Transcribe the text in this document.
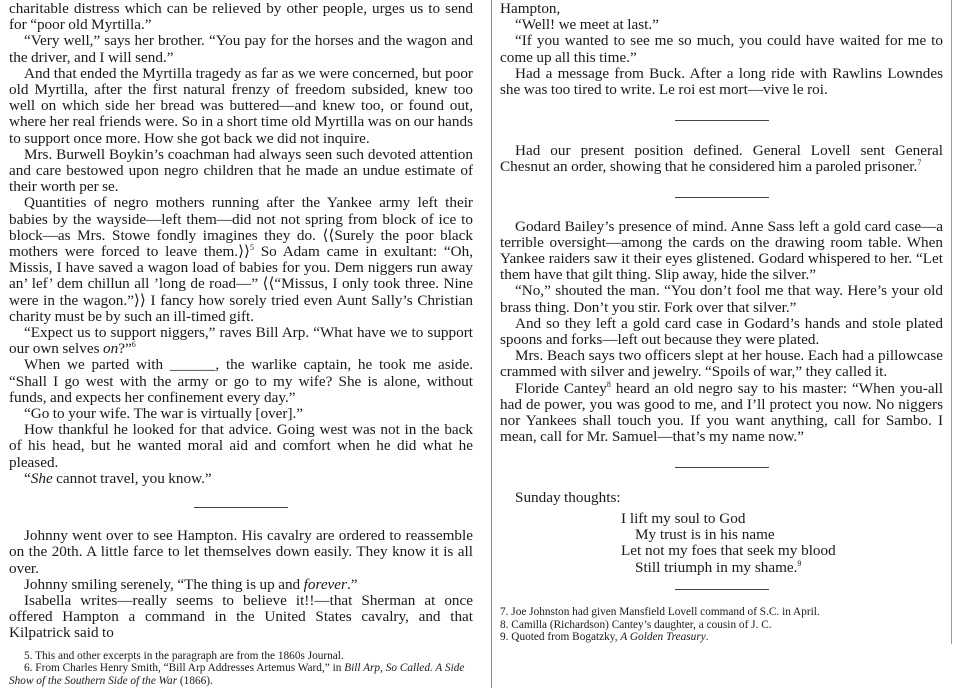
charitable distress which can be relieved by other people, urges us to send for “poor old Myrtilla.”

“Very well,” says her brother. “You pay for the horses and the wagon and the driver, and I will send.”

And that ended the Myrtilla tragedy as far as we were concerned, but poor old Myrtilla, after the first natural frenzy of freedom subsided, knew too well on which side her bread was buttered—and knew too, or found out, where her real friends were. So in a short time old Myrtilla was on our hands to support once more. How she got back we did not inquire.

Mrs. Burwell Boykin’s coachman had always seen such devoted attention and care bestowed upon negro children that he made an undue estimate of their worth per se.

Quantities of negro mothers running after the Yankee army left their babies by the wayside—left them—did not not spring from block of ice to block—as Mrs. Stowe fondly imagines they do. ⟨⟨Surely the poor black mothers were forced to leave them.⟩⟩$^5$ So Adam came in exultant: “Oh, Missis, I have saved a wagon load of babies for you. Dem niggers run away an’ lef’ dem chillun all ’long de road—” ⟨⟨“Missus, I only took three. Nine were in the wagon.”⟩⟩ I fancy how sorely tried even Aunt Sally’s Christian charity must be by such an ill-timed gift.

“Expect us to support niggers,” raves Bill Arp. “What have we to support our own selves on?”$^6$

When we parted with ______, the warlike captain, he took me aside. “Shall I go west with the army or go to my wife? She is alone, without funds, and expects her confinement every day.”

“Go to your wife. The war is virtually [over].”

How thankful he looked for that advice. Going west was not in the back of his head, but he wanted moral aid and comfort when he did what he pleased.

“She cannot travel, you know.”

Johnny went over to see Hampton. His cavalry are ordered to reassemble on the 20th. A little farce to let themselves down easily. They know it is all over.

Johnny smiling serenely, “The thing is up and forever.”

Isabella writes—really seems to believe it!!—that Sherman at once offered Hampton a command in the United States cavalry, and that Kilpatrick said to

5. This and other excerpts in the paragraph are from the 1860s Journal.

6. From Charles Henry Smith, “Bill Arp Addresses Artemus Ward,” in Bill Arp, So Called. A Side Show of the Southern Side of the War (1866).

Hampton,

“Well! we meet at last.”

“If you wanted to see me so much, you could have waited for me to come up all this time.”

Had a message from Buck. After a long ride with Rawlins Lowndes she was too tired to write. Le roi est mort—vive le roi.

Had our present position defined. General Lovell sent General Chesnut an order, showing that he considered him a paroled prisoner.$^7$

Godard Bailey’s presence of mind. Anne Sass left a gold card case—a terrible oversight—among the cards on the drawing room table. When Yankee raiders saw it their eyes glistened. Godard whispered to her. “Let them have that gilt thing. Slip away, hide the silver.”

“No,” shouted the man. “You don’t fool me that way. Here’s your old brass thing. Don’t you stir. Fork over that silver.”

And so they left a gold card case in Godard’s hands and stole plated spoons and forks—left out because they were plated.

Mrs. Beach says two officers slept at her house. Each had a pillowcase crammed with silver and jewelry. “Spoils of war,” they called it.

Floride Cantey$^8$ heard an old negro say to his master: “When you-all had de power, you was good to me, and I’ll protect you now. No niggers nor Yankees shall touch you. If you want anything, call for Sambo. I mean, call for Mr. Samuel—that’s my name now.”

Sunday thoughts:

I lift my soul to God
My trust is in his name
Let not my foes that seek my blood
Still triumph in my shame.$^9$

7. Joe Johnston had given Mansfield Lovell command of S.C. in April.

8. Camilla (Richardson) Cantey’s daughter, a cousin of J. C.

9. Quoted from Bogatzky, A Golden Treasury.
